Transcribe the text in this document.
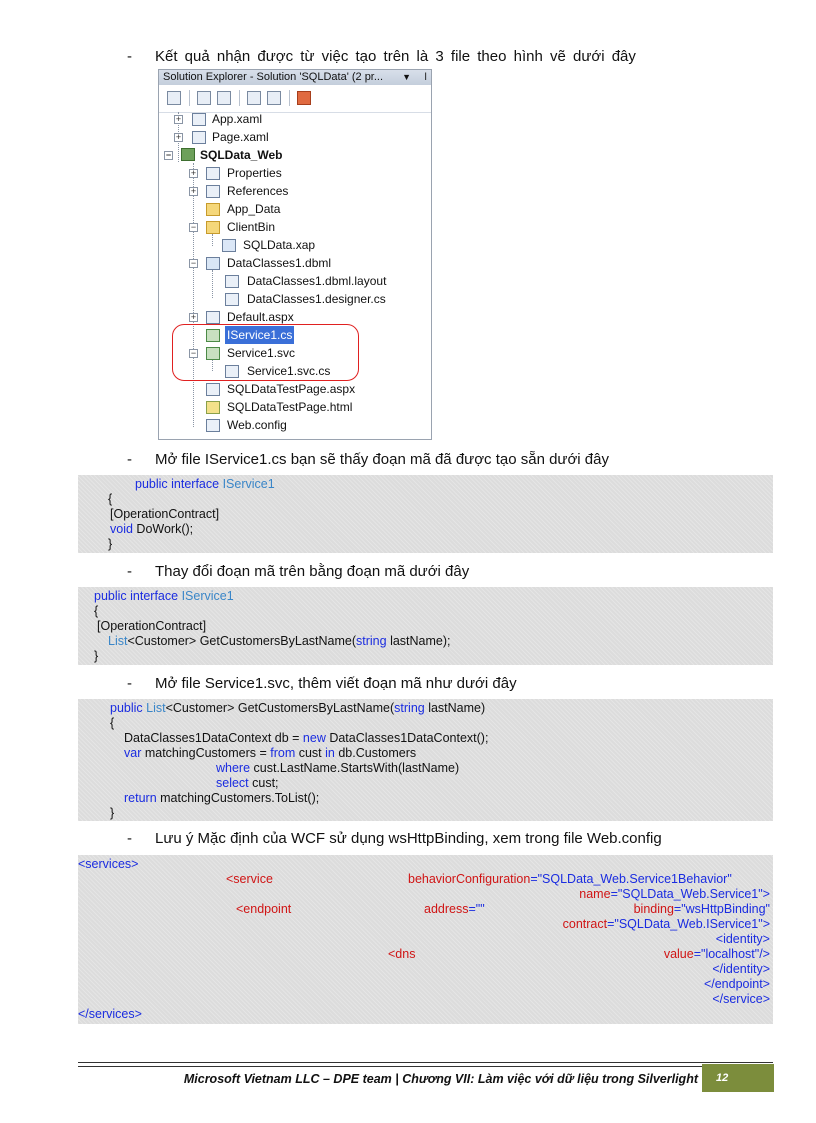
- Kết quả nhận được từ việc tạo trên là 3 file theo hình vẽ dưới đây
Solution Explorer - Solution 'SQLData' (2 pr... ▼ ǀ
+	App.xaml
+	Page.xaml
− SQLData_Web
+	Properties
+	References
App_Data
−	ClientBin
SQLData.xap
−	DataClasses1.dbml
DataClasses1.dbml.layout
DataClasses1.designer.cs
+	Default.aspx
IService1.cs
−	Service1.svc
Service1.svc.cs
SQLDataTestPage.aspx
SQLDataTestPage.html
Web.config
- Mở file IService1.cs bạn sẽ thấy đoạn mã đã được tạo sẵn dưới đây
public interface IService1
{
[OperationContract]
void DoWork();
}
- Thay đổi đoạn mã trên bằng đoạn mã dưới đây
public interface IService1
{
[OperationContract]
List<Customer> GetCustomersByLastName(string lastName);
}
- Mở file Service1.svc, thêm viết đoạn mã như dưới đây
public List<Customer> GetCustomersByLastName(string lastName)
{
DataClasses1DataContext db = new DataClasses1DataContext();
var matchingCustomers = from cust in db.Customers
where cust.LastName.StartsWith(lastName)
select cust;
return matchingCustomers.ToList();
}
- Lưu ý Mặc định của WCF sử dụng wsHttpBinding, xem trong file Web.config
<services>
<service	behaviorConfiguration="SQLData_Web.Service1Behavior"
name="SQLData_Web.Service1">
<endpoint	address=""	binding="wsHttpBinding"
contract="SQLData_Web.IService1">
<identity>
<dns	value="localhost"/>
</identity>
</endpoint>
</service>
</services>
Microsoft Vietnam LLC – DPE team | Chương VII: Làm việc với dữ liệu trong Silverlight	12
